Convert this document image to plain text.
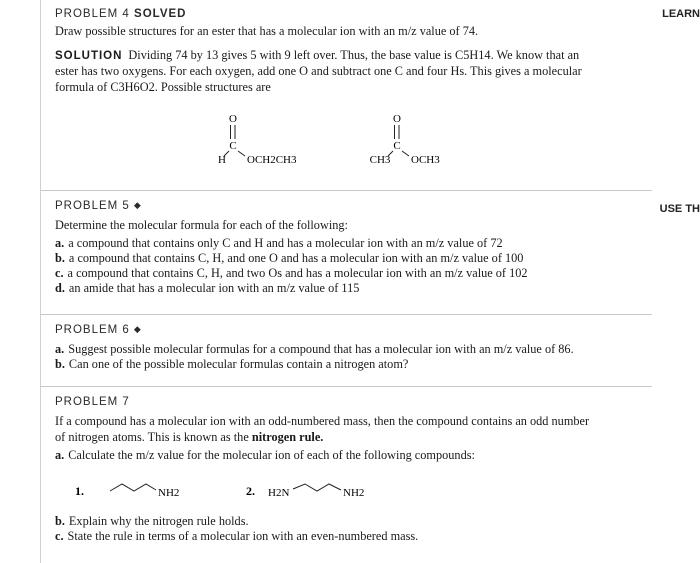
LEARN
USE TH
PROBLEM 4 SOLVED

Draw possible structures for an ester that has a molecular ion with an m/z value of 74.

SOLUTION Dividing 74 by 13 gives 5 with 9 left over. Thus, the base value is C5H14. We know that an

ester has two oxygens. For each oxygen, add one O and subtract one C and four Hs. This gives a molecular

formula of C3H6O2. Possible structures are

O
C
H OCH2CH3
O
C
CH3 OCH3
PROBLEM 5 ◆

Determine the molecular formula for each of the following:

a. a compound that contains only C and H and has a molecular ion with an m/z value of 72

b. a compound that contains C, H, and one O and has a molecular ion with an m/z value of 100

c. a compound that contains C, H, and two Os and has a molecular ion with an m/z value of 102

d. an amide that has a molecular ion with an m/z value of 115

PROBLEM 6 ◆

a. Suggest possible molecular formulas for a compound that has a molecular ion with an m/z value of 86.

b. Can one of the possible molecular formulas contain a nitrogen atom?

PROBLEM 7

If a compound has a molecular ion with an odd-numbered mass, then the compound contains an odd number

of nitrogen atoms. This is known as the nitrogen rule.

a. Calculate the m/z value for the molecular ion of each of the following compounds:

1.	NH2	2. H2N	NH2

b. Explain why the nitrogen rule holds.

c. State the rule in terms of a molecular ion with an even-numbered mass.
